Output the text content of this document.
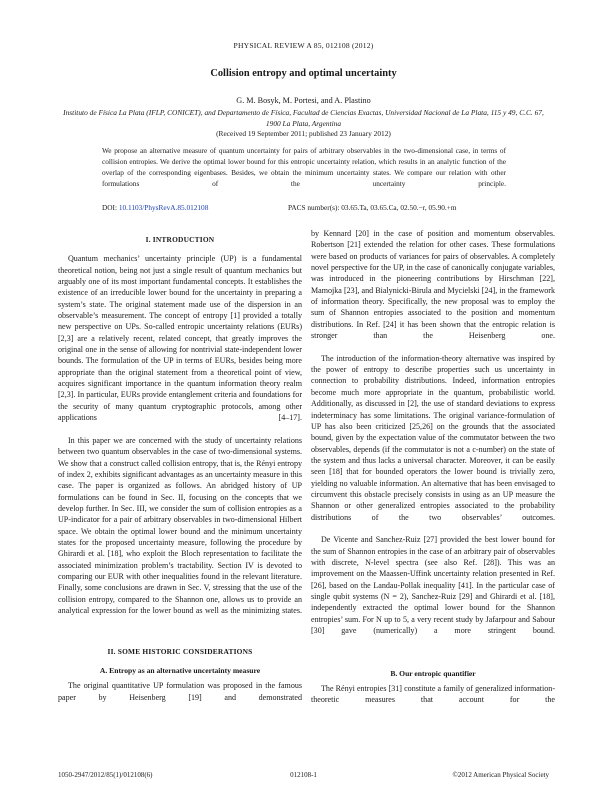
PHYSICAL REVIEW A 85, 012108 (2012)
Collision entropy and optimal uncertainty
G. M. Bosyk, M. Portesi, and A. Plastino
Instituto de Física La Plata (IFLP, CONICET), and Departamento de Física, Facultad de Ciencias Exactas, Universidad Nacional de La Plata, 115 y 49, C.C. 67, 1900 La Plata, Argentina
(Received 19 September 2011; published 23 January 2012)
We propose an alternative measure of quantum uncertainty for pairs of arbitrary observables in the two-dimensional case, in terms of collision entropies. We derive the optimal lower bound for this entropic uncertainty relation, which results in an analytic function of the overlap of the corresponding eigenbases. Besides, we obtain the minimum uncertainty states. We compare our relation with other formulations of the uncertainty principle.
DOI: 10.1103/PhysRevA.85.012108	PACS number(s): 03.65.Ta, 03.65.Ca, 02.50.−r, 05.90.+m
I. INTRODUCTION

Quantum mechanics’ uncertainty principle (UP) is a fundamental theoretical notion, being not just a single result of quantum mechanics but arguably one of its most important fundamental concepts. It establishes the existence of an irreducible lower bound for the uncertainty in preparing a system’s state. The original statement made use of the dispersion in an observable’s measurement. The concept of entropy [1] provided a totally new perspective on UPs. So-called entropic uncertainty relations (EURs) [2,3] are a relatively recent, related concept, that greatly improves the original one in the sense of allowing for nontrivial state-independent lower bounds. The formulation of the UP in terms of EURs, besides being more appropriate than the original statement from a theoretical point of view, acquires significant importance in the quantum information theory realm [2,3]. In particular, EURs provide entanglement criteria and foundations for the security of many quantum cryptographic protocols, among other applications [4–17].

In this paper we are concerned with the study of uncertainty relations between two quantum observables in the case of two-dimensional systems. We show that a construct called collision entropy, that is, the Rényi entropy of index 2, exhibits significant advantages as an uncertainty measure in this case. The paper is organized as follows. An abridged history of UP formulations can be found in Sec. II, focusing on the concepts that we develop further. In Sec. III, we consider the sum of collision entropies as a UP-indicator for a pair of arbitrary observables in two-dimensional Hilbert space. We obtain the optimal lower bound and the minimum uncertainty states for the proposed uncertainty measure, following the procedure by Ghirardi et al. [18], who exploit the Bloch representation to facilitate the associated minimization problem’s tractability. Section IV is devoted to comparing our EUR with other inequalities found in the relevant literature. Finally, some conclusions are drawn in Sec. V, stressing that the use of the collision entropy, compared to the Shannon one, allows us to provide an analytical expression for the lower bound as well as the minimizing states.

II. SOME HISTORIC CONSIDERATIONS
A. Entropy as an alternative uncertainty measure

The original quantitative UP formulation was proposed in the famous paper by Heisenberg [19] and demonstrated

by Kennard [20] in the case of position and momentum observables. Robertson [21] extended the relation for other cases. These formulations were based on products of variances for pairs of observables. A completely novel perspective for the UP, in the case of canonically conjugate variables, was introduced in the pioneering contributions by Hirschman [22], Mamojka [23], and Bialynicki-Birula and Mycielski [24], in the framework of information theory. Specifically, the new proposal was to employ the sum of Shannon entropies associated to the position and momentum distributions. In Ref. [24] it has been shown that the entropic relation is stronger than the Heisenberg one.

The introduction of the information-theory alternative was inspired by the power of entropy to describe properties such us uncertainty in connection to probability distributions. Indeed, information entropies become much more appropriate in the quantum, probabilistic world. Additionally, as discussed in [2], the use of standard deviations to express indeterminacy has some limitations. The original variance-formulation of UP has also been criticized [25,26] on the grounds that the associated bound, given by the expectation value of the commutator between the two observables, depends (if the commutator is not a c-number) on the state of the system and thus lacks a universal character. Moreover, it can be easily seen [18] that for bounded operators the lower bound is trivially zero, yielding no valuable information. An alternative that has been envisaged to circumvent this obstacle precisely consists in using as an UP measure the Shannon or other generalized entropies associated to the probability distributions of the two observables’ outcomes.

De Vicente and Sanchez-Ruiz [27] provided the best lower bound for the sum of Shannon entropies in the case of an arbitrary pair of observables with discrete, N-level spectra (see also Ref. [28]). This was an improvement on the Maassen-Uffink uncertainty relation presented in Ref. [26], based on the Landau-Pollak inequality [41]. In the particular case of single qubit systems (N = 2), Sanchez-Ruiz [29] and Ghirardi et al. [18], independently extracted the optimal lower bound for the Shannon entropies’ sum. For N up to 5, a very recent study by Jafarpour and Sabour [30] gave (numerically) a more stringent bound.

B. Our entropic quantifier

The Rényi entropies [31] constitute a family of generalized information-theoretic measures that account for the

1050-2947/2012/85(1)/012108(6)	012108-1	©2012 American Physical Society
